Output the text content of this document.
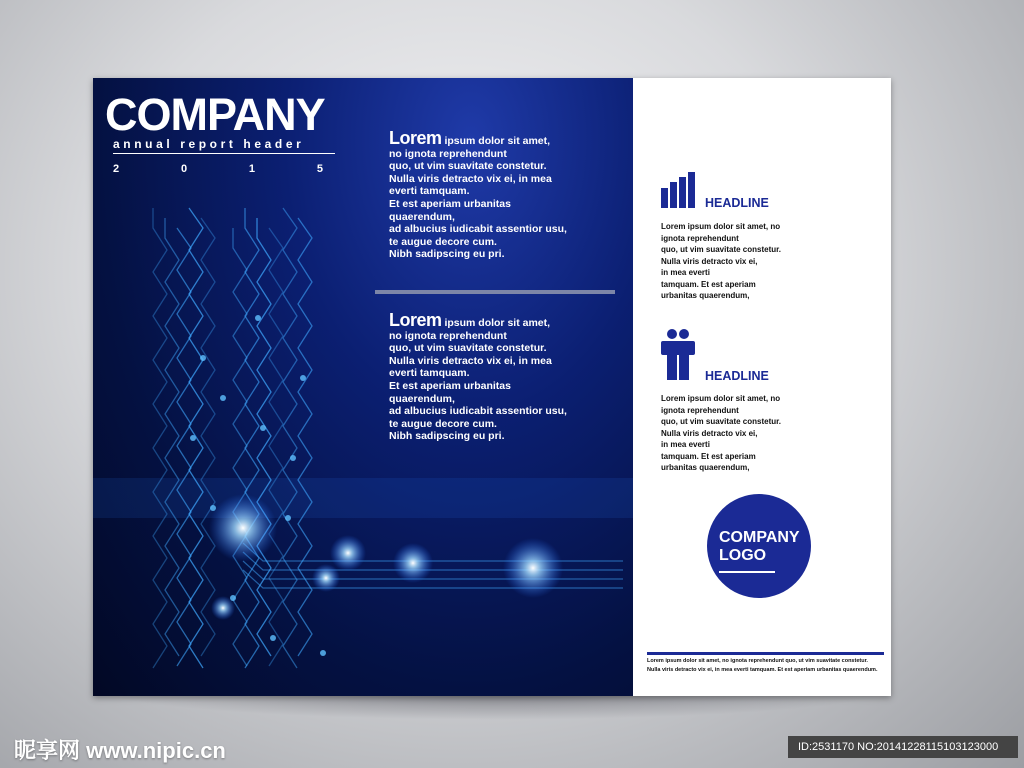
COMPANY
annual report header
2	0	1	5
Lorem ipsum dolor sit amet,
no ignota reprehendunt
quo, ut vim suavitate constetur.
Nulla viris detracto vix ei, in mea
everti tamquam.
Et est aperiam urbanitas
quaerendum,
ad albucius iudicabit assentior usu,
te augue decore cum.
Nibh sadipscing eu pri.
Lorem ipsum dolor sit amet,
no ignota reprehendunt
quo, ut vim suavitate constetur.
Nulla viris detracto vix ei, in mea
everti tamquam.
Et est aperiam urbanitas
quaerendum,
ad albucius iudicabit assentior usu,
te augue decore cum.
Nibh sadipscing eu pri.
HEADLINE
Lorem ipsum dolor sit amet, no
ignota reprehendunt
quo, ut vim suavitate constetur.
Nulla viris detracto vix ei,
in mea everti
tamquam. Et est aperiam
urbanitas quaerendum,
HEADLINE
Lorem ipsum dolor sit amet, no
ignota reprehendunt
quo, ut vim suavitate constetur.
Nulla viris detracto vix ei,
in mea everti
tamquam. Et est aperiam
urbanitas quaerendum,
COMPANY
LOGO
Lorem ipsum dolor sit amet, no ignota reprehendunt quo, ut vim suavitate constetur.
Nulla viris detracto vix ei, in mea everti tamquam. Et est aperiam urbanitas quaerendum.
昵享网 www.nipic.cn	ID:2531170 NO:20141228115103123000
